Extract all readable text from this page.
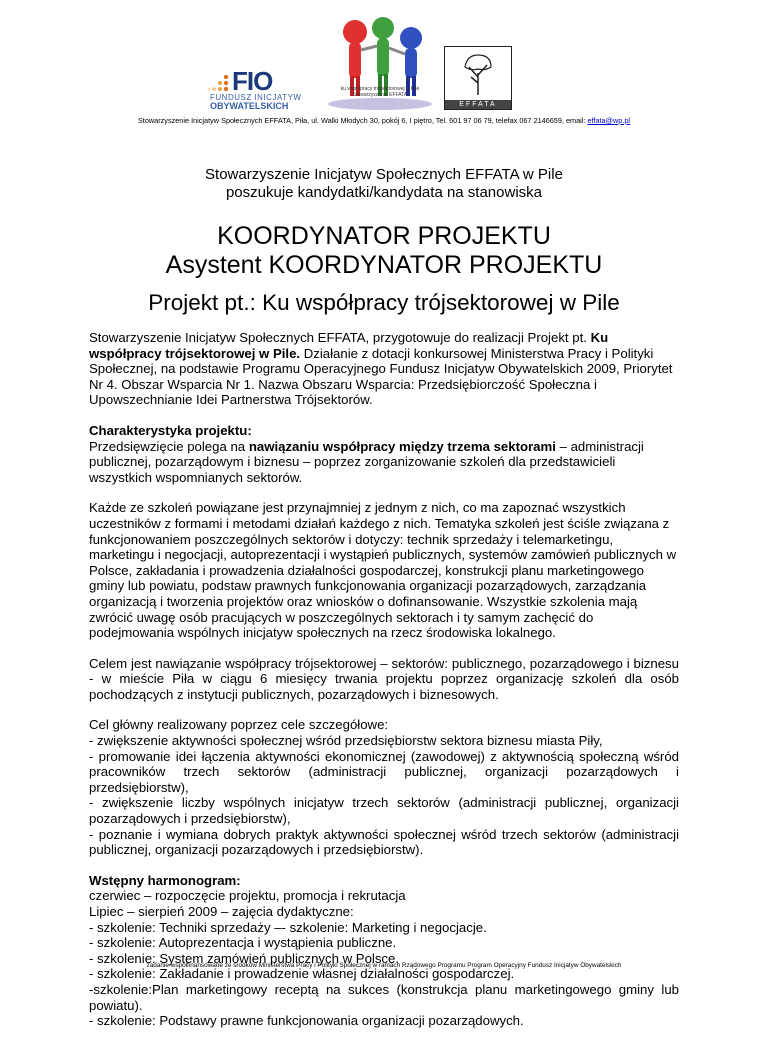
FIO
FUNDUSZ INICJATYW
OBYWATELSKICH
ku współpracy trójsektorowej w Pile Stowarzyszenie EFFATA
EFFATA
Stowarzyszenie Inicjatyw Społecznych EFFATA, Piła, ul. Walki Młodych 30, pokój 6, I piętro, Tel. 601 97 06 79, telefax 067 2146659, email: effata@wp.pl
Stowarzyszenie Inicjatyw Społecznych EFFATA w Pile
poszukuje kandydatki/kandydata na stanowiska
KOORDYNATOR PROJEKTU
Asystent KOORDYNATOR PROJEKTU
Projekt pt.: Ku współpracy trójsektorowej w Pile

Stowarzyszenie Inicjatyw Społecznych EFFATA, przygotowuje do realizacji Projekt pt. Ku współpracy trójsektorowej w Pile. Działanie z dotacji konkursowej Ministerstwa Pracy i Polityki Społecznej, na podstawie Programu Operacyjnego Fundusz Inicjatyw Obywatelskich 2009, Priorytet Nr 4. Obszar Wsparcia Nr 1. Nazwa Obszaru Wsparcia: Przedsiębiorczość Społeczna i Upowszechnianie Idei Partnerstwa Trójsektorów.

Charakterystyka projektu:
Przedsięwzięcie polega na nawiązaniu współpracy między trzema sektorami – administracji publicznej, pozarządowym i biznesu – poprzez zorganizowanie szkoleń dla przedstawicieli wszystkich wspomnianych sektorów.

Każde ze szkoleń powiązane jest przynajmniej z jednym z nich, co ma zapoznać wszystkich uczestników z formami i metodami działań każdego z nich. Tematyka szkoleń jest ściśle związana z funkcjonowaniem poszczególnych sektorów i dotyczy: technik sprzedaży i telemarketingu, marketingu i negocjacji, autoprezentacji i wystąpień publicznych, systemów zamówień publicznych w Polsce, zakładania i prowadzenia działalności gospodarczej, konstrukcji planu marketingowego gminy lub powiatu, podstaw prawnych funkcjonowania organizacji pozarządowych, zarządzania organizacją i tworzenia projektów oraz wniosków o dofinansowanie. Wszystkie szkolenia mają zwrócić uwagę osób pracujących w poszczególnych sektorach i ty samym zachęcić do podejmowania wspólnych inicjatyw społecznych na rzecz środowiska lokalnego.

Celem jest nawiązanie współpracy trójsektorowej – sektorów: publicznego, pozarządowego i biznesu - w mieście Piła w ciągu 6 miesięcy trwania projektu poprzez organizację szkoleń dla osób pochodzących z instytucji publicznych, pozarządowych i biznesowych.

Cel główny realizowany poprzez cele szczegółowe:
- zwiększenie aktywności społecznej wśród przedsiębiorstw sektora biznesu miasta Piły,
- promowanie idei łączenia aktywności ekonomicznej (zawodowej) z aktywnością społeczną wśród pracowników trzech sektorów (administracji publicznej, organizacji pozarządowych i przedsiębiorstw),
- zwiększenie liczby wspólnych inicjatyw trzech sektorów (administracji publicznej, organizacji pozarządowych i przedsiębiorstw),
- poznanie i wymiana dobrych praktyk aktywności społecznej wśród trzech sektorów (administracji publicznej, organizacji pozarządowych i przedsiębiorstw).

Wstępny harmonogram:
czerwiec – rozpoczęcie projektu, promocja i rekrutacja
Lipiec – sierpień 2009 – zajęcia dydaktyczne:
- szkolenie: Techniki sprzedaży –- szkolenie: Marketing i negocjacje.
- szkolenie: Autoprezentacja i wystąpienia publiczne.
- szkolenie: System zamówień publicznych w Polsce.
- szkolenie: Zakładanie i prowadzenie własnej działalności gospodarczej.
-szkolenie:Plan marketingowy receptą na sukces (konstrukcja planu marketingowego gminy lub powiatu).
- szkolenie: Podstawy prawne funkcjonowania organizacji pozarządowych.

zadanie współfinansowane ze środków Ministerstwa Pracy i Polityki Społecznej w ramach Rządowego Programu Program Operacyjny Fundusz Inicjatyw Obywatelskich
